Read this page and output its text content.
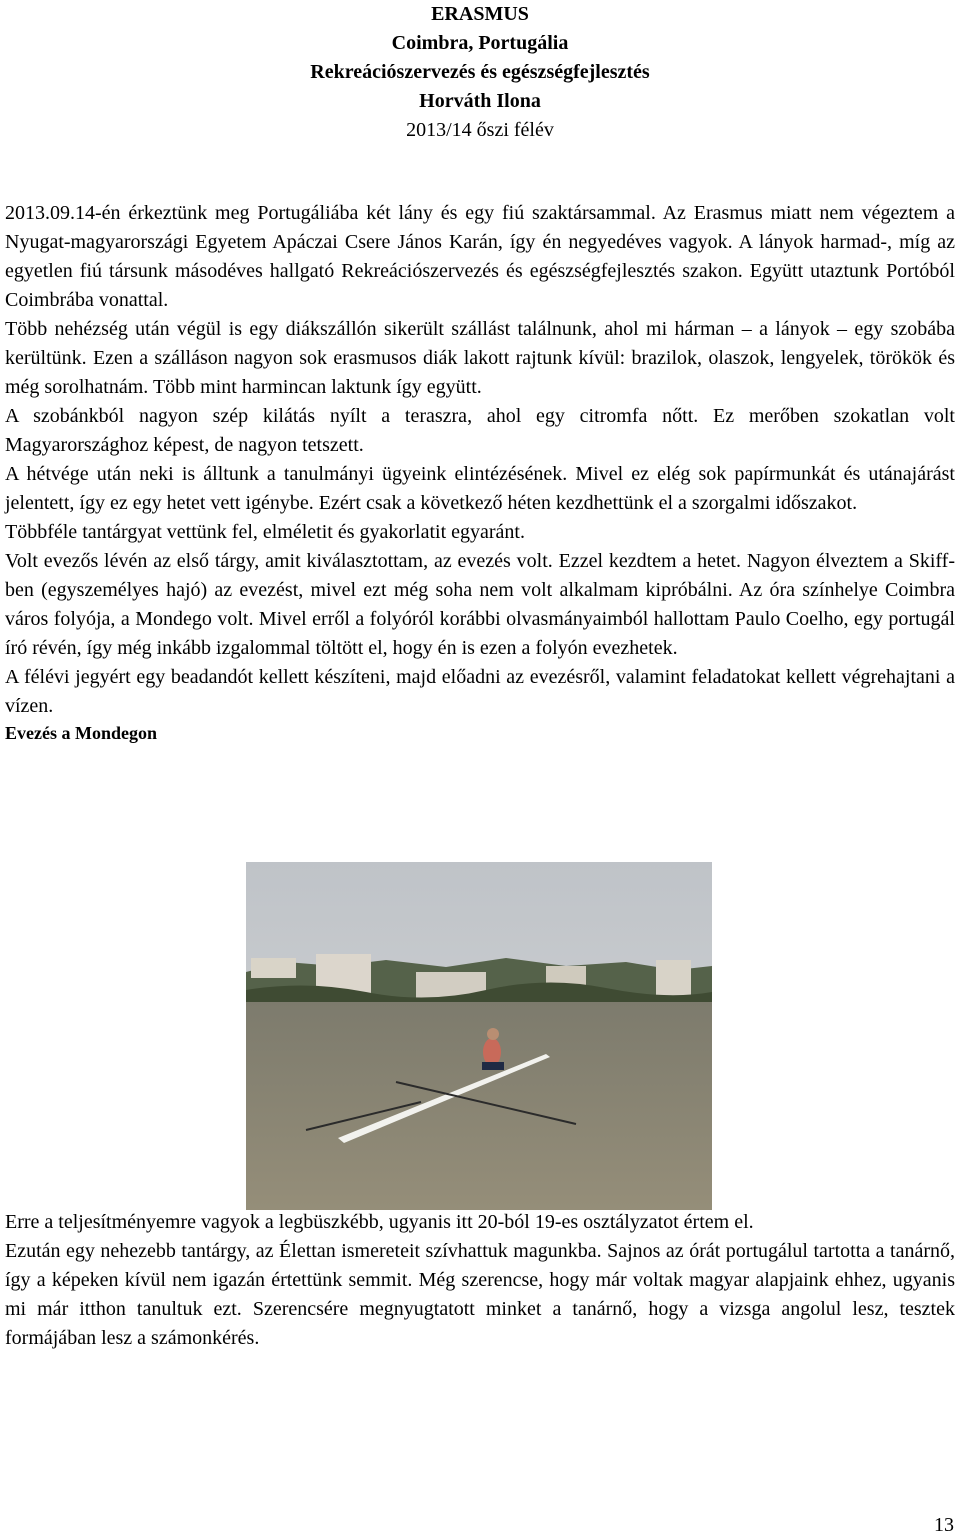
ERASMUS
Coimbra, Portugália
Rekreációszervezés és egészségfejlesztés
Horváth Ilona
2013/14 őszi félév

2013.09.14-én érkeztünk meg Portugáliába két lány és egy fiú szaktársammal. Az Erasmus miatt nem végeztem a Nyugat-magyarországi Egyetem Apáczai Csere János Karán, így én negyedéves vagyok. A lányok harmad-, míg az egyetlen fiú társunk másodéves hallgató Rekreációszervezés és egészségfejlesztés szakon. Együtt utaztunk Portóból Coimbrába vonattal.

Több nehézség után végül is egy diákszállón sikerült szállást találnunk, ahol mi hárman – a lányok – egy szobába kerültünk. Ezen a szálláson nagyon sok erasmusos diák lakott rajtunk kívül: brazilok, olaszok, lengyelek, törökök és még sorolhatnám. Több mint harmincan laktunk így együtt.

A szobánkból nagyon szép kilátás nyílt a teraszra, ahol egy citromfa nőtt. Ez merőben szokatlan volt Magyarországhoz képest, de nagyon tetszett.

A hétvége után neki is álltunk a tanulmányi ügyeink elintézésének. Mivel ez elég sok papírmunkát és utánajárást jelentett, így ez egy hetet vett igénybe. Ezért csak a következő héten kezdhettünk el a szorgalmi időszakot.

Többféle tantárgyat vettünk fel, elméletit és gyakorlatit egyaránt.

Volt evezős lévén az első tárgy, amit kiválasztottam, az evezés volt. Ezzel kezdtem a hetet. Nagyon élveztem a Skiff-ben (egyszemélyes hajó) az evezést, mivel ezt még soha nem volt alkalmam kipróbálni. Az óra színhelye Coimbra város folyója, a Mondego volt. Mivel erről a folyóról korábbi olvasmányaimból hallottam Paulo Coelho, egy portugál író révén, így még inkább izgalommal töltött el, hogy én is ezen a folyón evezhetek.

A félévi jegyért egy beadandót kellett készíteni, majd előadni az evezésről, valamint feladatokat kellett végrehajtani a vízen.

Evezés a Mondegon

Erre a teljesítményemre vagyok a legbüszkébb, ugyanis itt 20-ból 19-es osztályzatot értem el.

Ezután egy nehezebb tantárgy, az Élettan ismereteit szívhattuk magunkba. Sajnos az órát portugálul tartotta a tanárnő, így a képeken kívül nem igazán értettünk semmit. Még szerencse, hogy már voltak magyar alapjaink ehhez, ugyanis mi már itthon tanultuk ezt. Szerencsére megnyugtatott minket a tanárnő, hogy a vizsga angolul lesz, tesztek formájában lesz a számonkérés.

13
